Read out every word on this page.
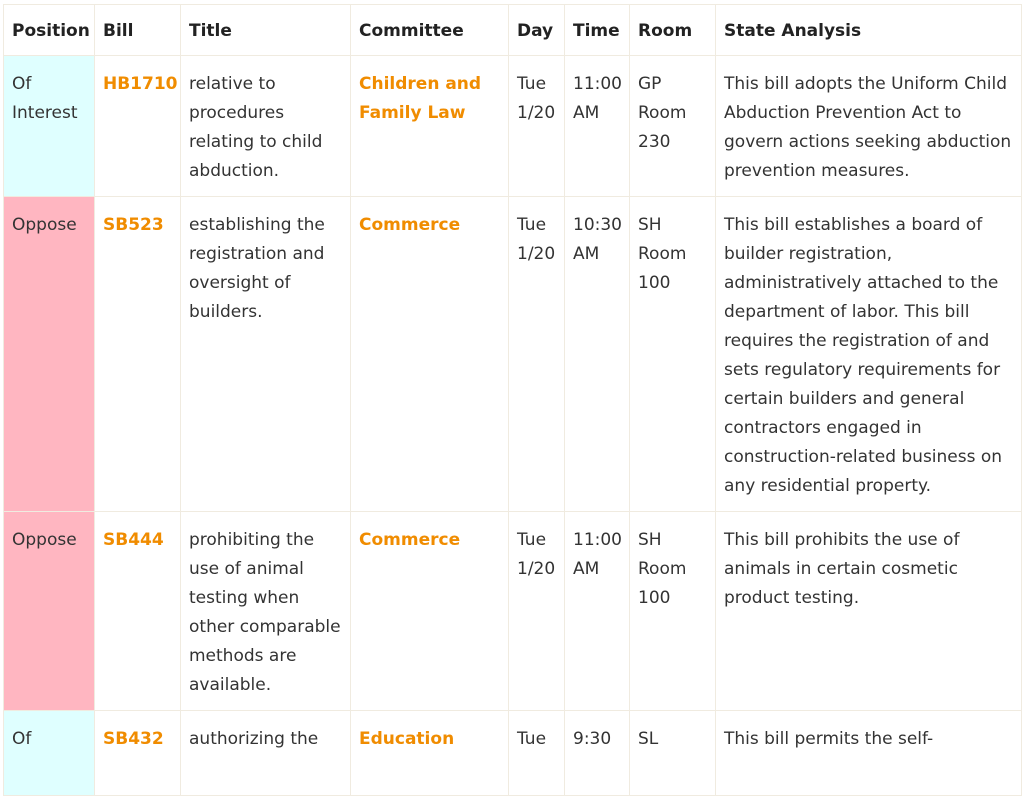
Position	Bill	Title	Committee	Day	Time	Room	State Analysis
Of Interest	HB1710	relative to procedures relating to child abduction.	Children and Family Law	Tue 1/20	11:00 AM	GP Room 230	This bill adopts the Uniform Child Abduction Prevention Act to govern actions seeking abduction prevention measures.
Oppose	SB523	establishing the registration and oversight of builders.	Commerce	Tue 1/20	10:30 AM	SH Room 100	This bill establishes a board of builder registration, administratively attached to the department of labor. This bill requires the registration of and sets regulatory requirements for certain builders and general contractors engaged in construction-related business on any residential property.
Oppose	SB444	prohibiting the use of animal testing when other comparable methods are available.	Commerce	Tue 1/20	11:00 AM	SH Room 100	This bill prohibits the use of animals in certain cosmetic product testing.
Of	SB432	authorizing the	Education	Tue	9:30	SL	This bill permits the self-
